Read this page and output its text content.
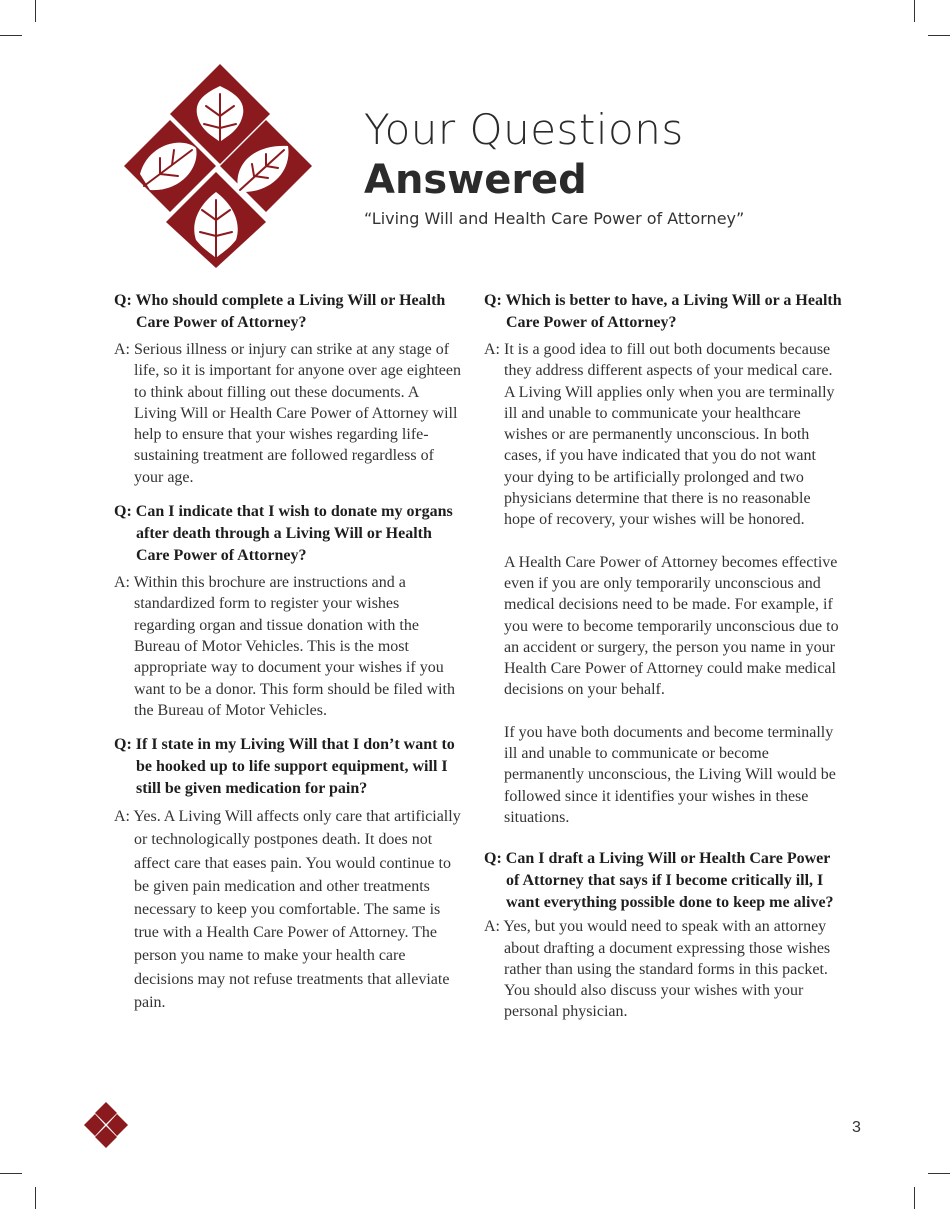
Your Questions
Answered
“Living Will and Health Care Power of Attorney”
Q: Who should complete a Living Will or Health Care Power of Attorney?
A: Serious illness or injury can strike at any stage of life, so it is important for anyone over age eighteen to think about filling out these documents. A Living Will or Health Care Power of Attorney will help to ensure that your wishes regarding life-sustaining treatment are followed regardless of your age.
Q: Can I indicate that I wish to donate my organs after death through a Living Will or Health Care Power of Attorney?
A: Within this brochure are instructions and a standardized form to register your wishes regarding organ and tissue donation with the Bureau of Motor Vehicles. This is the most appropriate way to document your wishes if you want to be a donor. This form should be filed with the Bureau of Motor Vehicles.
Q: If I state in my Living Will that I don’t want to be hooked up to life support equipment, will I still be given medication for pain?
A: Yes. A Living Will affects only care that artificially or technologically postpones death. It does not affect care that eases pain. You would continue to be given pain medication and other treatments necessary to keep you comfortable. The same is true with a Health Care Power of Attorney. The person you name to make your health care decisions may not refuse treatments that alleviate pain.
Q: Which is better to have, a Living Will or a Health Care Power of Attorney?
A: It is a good idea to fill out both documents because they address different aspects of your medical care. A Living Will applies only when you are terminally ill and unable to communicate your healthcare wishes or are permanently unconscious. In both cases, if you have indicated that you do not want your dying to be artificially prolonged and two physicians determine that there is no reasonable hope of recovery, your wishes will be honored.
A Health Care Power of Attorney becomes effective even if you are only temporarily unconscious and medical decisions need to be made. For example, if you were to become temporarily unconscious due to an accident or surgery, the person you name in your Health Care Power of Attorney could make medical decisions on your behalf.
If you have both documents and become terminally ill and unable to communicate or become permanently unconscious, the Living Will would be followed since it identifies your wishes in these situations.
Q: Can I draft a Living Will or Health Care Power of Attorney that says if I become critically ill, I want everything possible done to keep me alive?
A: Yes, but you would need to speak with an attorney about drafting a document expressing those wishes rather than using the standard forms in this packet. You should also discuss your wishes with your personal physician.
3
